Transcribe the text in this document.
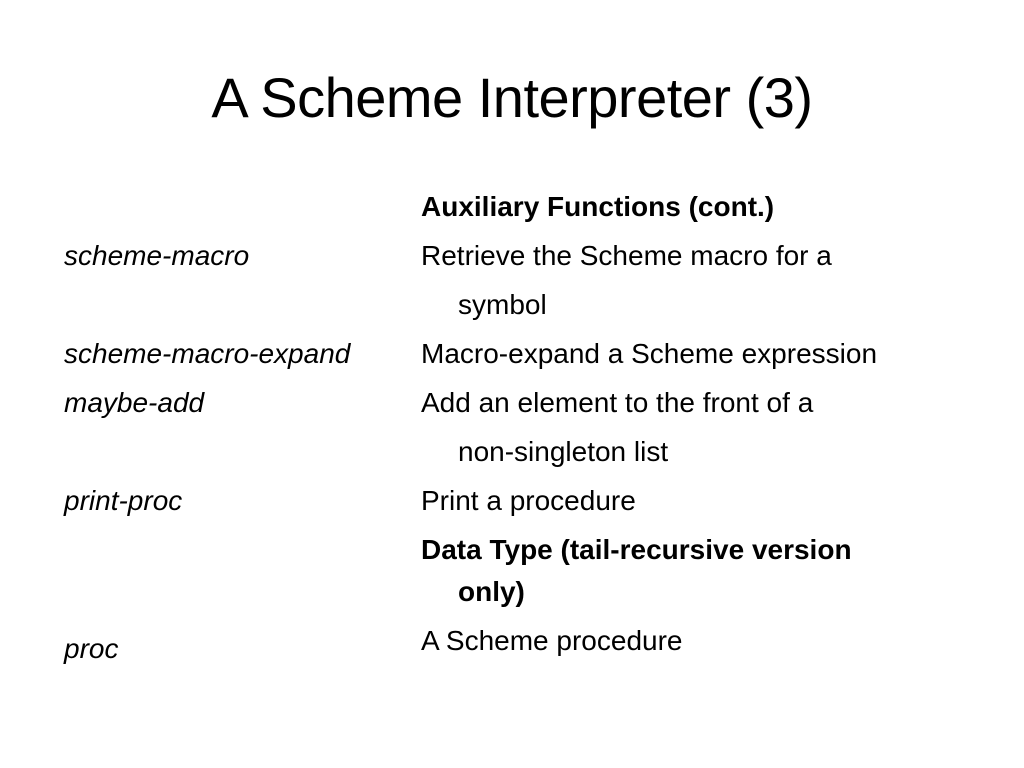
A Scheme Interpreter (3)
Auxiliary Functions (cont.)
scheme-macro	Retrieve the Scheme macro for a
symbol
scheme-macro-expand	Macro-expand a Scheme expression
maybe-add	Add an element to the front of a
non-singleton list
print-proc	Print a procedure
Data Type (tail-recursive version
only)
proc	A Scheme procedure
